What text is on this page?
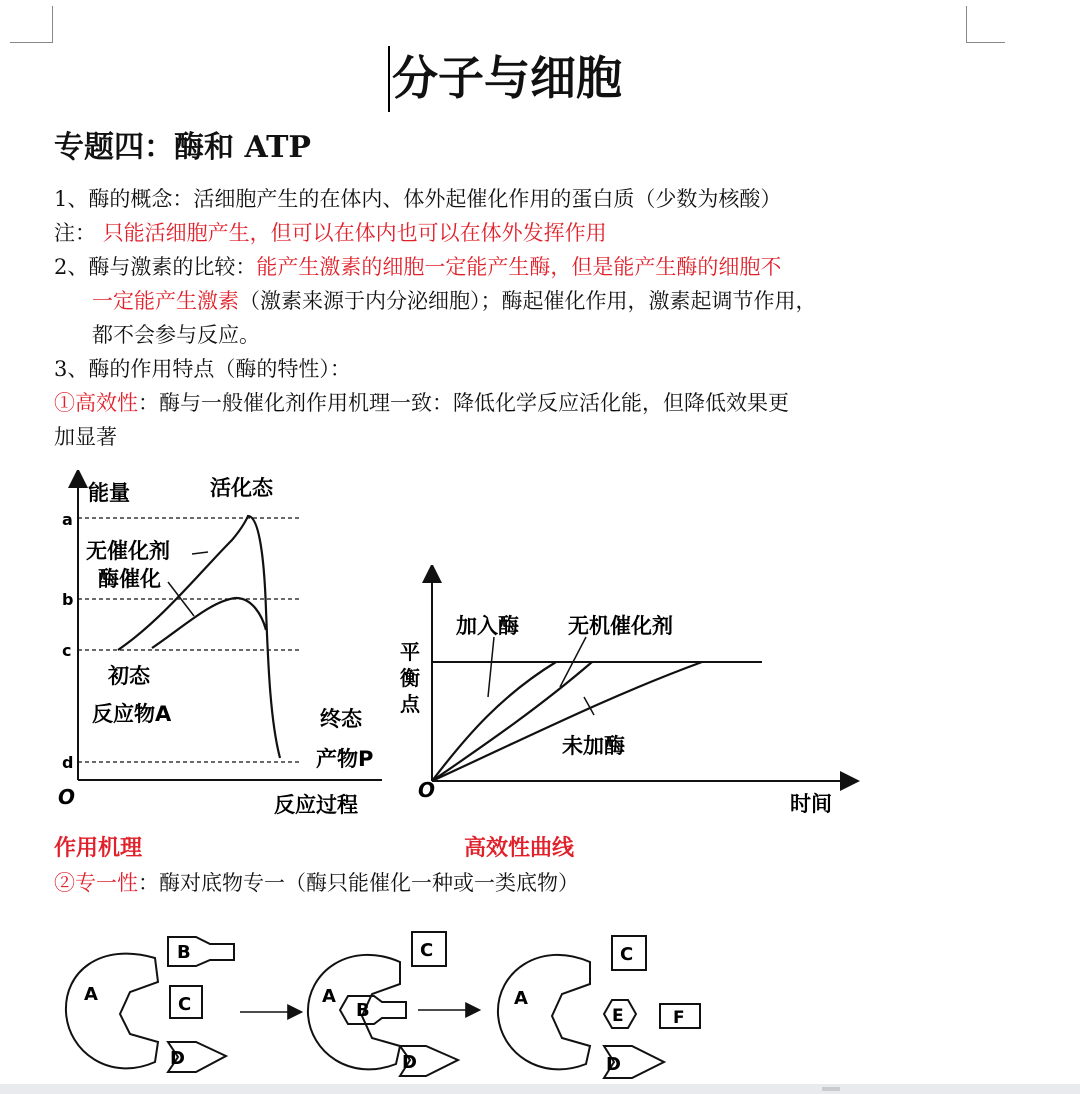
分子与细胞
专题四：酶和 ATP
1、酶的概念：活细胞产生的在体内、体外起催化作用的蛋白质（少数为核酸）
注： 只能活细胞产生，但可以在体内也可以在体外发挥作用
2、酶与激素的比较：能产生激素的细胞一定能产生酶，但是能产生酶的细胞不
一定能产生激素（激素来源于内分泌细胞）；酶起催化作用，激素起调节作用，
都不会参与反应。
3、酶的作用特点（酶的特性）：
①高效性：酶与一般催化剂作用机理一致：降低化学反应活化能，但降低效果更
加显著
能量	活化态
a
b
c
d
O
无催化剂
酶催化
初态
反应物A	终态
产物P
反应过程
加入酶 无机催化剂
未加酶
O
时间
平衡点
作用机理	高效性曲线
②专一性：酶对底物专一（酶只能催化一种或一类底物）
A
B
C
D
A
B
C
D
A
C
E	F
D
